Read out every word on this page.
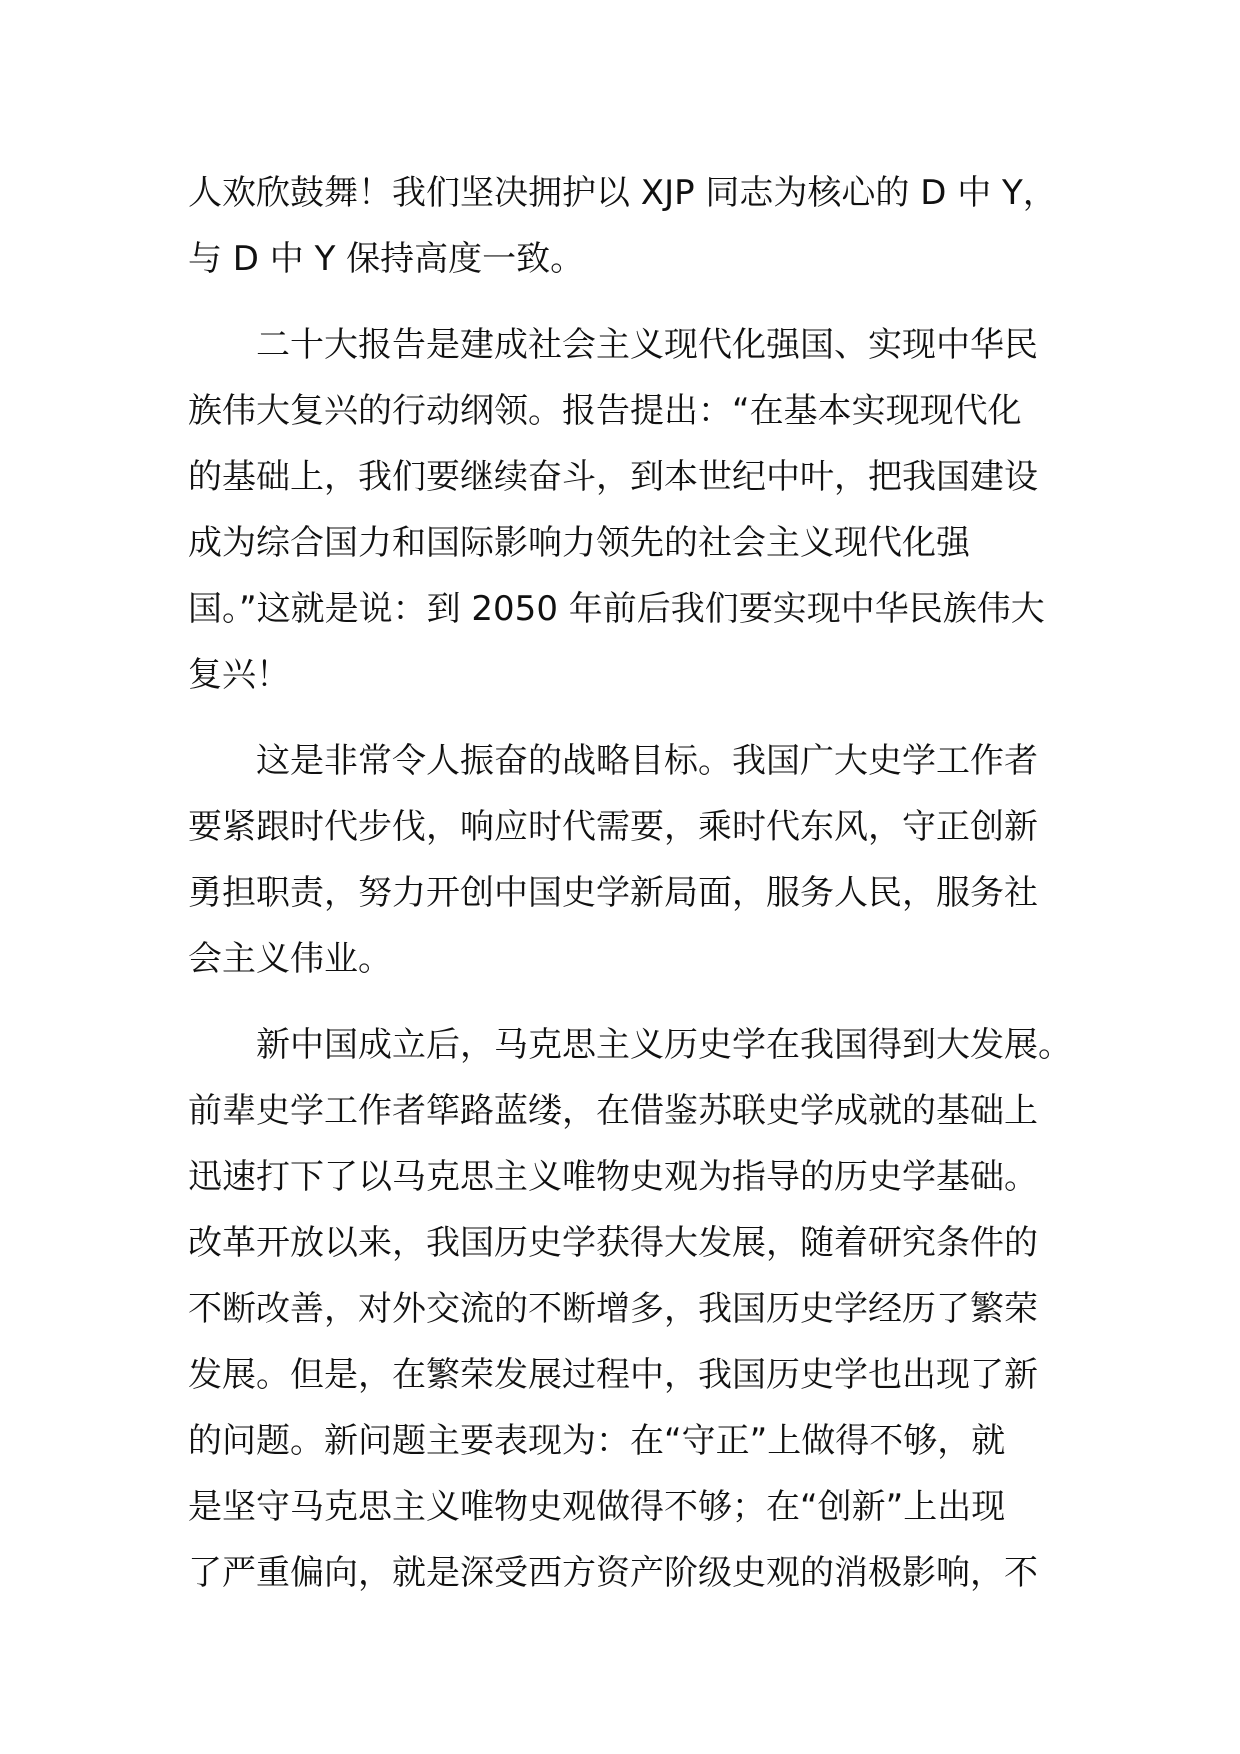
人欢欣鼓舞！我们坚决拥护以 XJP 同志为核心的 D 中 Y，
与 D 中 Y 保持高度一致。
二十大报告是建成社会主义现代化强国、实现中华民
族伟大复兴的行动纲领。报告提出：“在基本实现现代化
的基础上，我们要继续奋斗，到本世纪中叶，把我国建设
成为综合国力和国际影响力领先的社会主义现代化强
国。”这就是说：到 2050 年前后我们要实现中华民族伟大
复兴！
这是非常令人振奋的战略目标。我国广大史学工作者
要紧跟时代步伐，响应时代需要，乘时代东风，守正创新
勇担职责，努力开创中国史学新局面，服务人民，服务社
会主义伟业。
新中国成立后，马克思主义历史学在我国得到大发展。
前辈史学工作者筚路蓝缕，在借鉴苏联史学成就的基础上
迅速打下了以马克思主义唯物史观为指导的历史学基础。
改革开放以来，我国历史学获得大发展，随着研究条件的
不断改善，对外交流的不断增多，我国历史学经历了繁荣
发展。但是，在繁荣发展过程中，我国历史学也出现了新
的问题。新问题主要表现为：在“守正”上做得不够，就
是坚守马克思主义唯物史观做得不够；在“创新”上出现
了严重偏向，就是深受西方资产阶级史观的消极影响，不
